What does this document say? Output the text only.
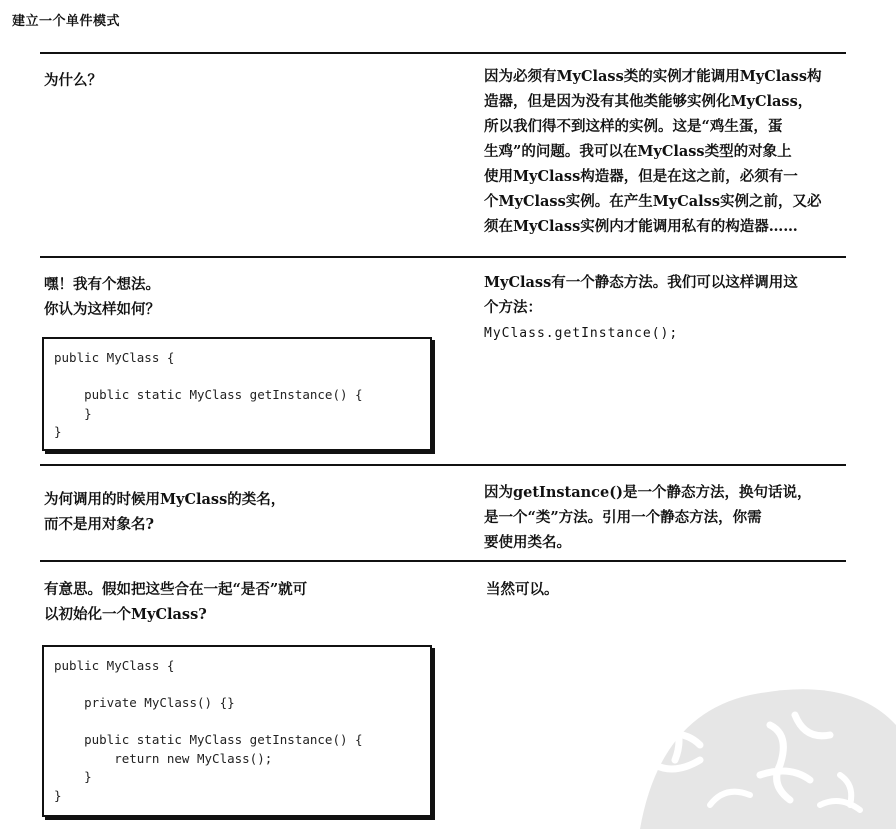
建立一个单件模式
为什么？	因为必须有MyClass类的实例才能调用MyClass构
造器，但是因为没有其他类能够实例化MyClass，
所以我们得不到这样的实例。这是“鸡生蛋，蛋
生鸡”的问题。我可以在MyClass类型的对象上
使用MyClass构造器，但是在这之前，必须有一
个MyClass实例。在产生MyCalss实例之前，又必
须在MyClass实例内才能调用私有的构造器……
嘿！我有个想法。
你认为这样如何？
public MyClass {

public static MyClass getInstance() {
}
}
MyClass有一个静态方法。我们可以这样调用这
个方法：
MyClass.getInstance();
为何调用的时候用MyClass的类名，
而不是用对象名?
因为getInstance()是一个静态方法，换句话说，
是一个“类”方法。引用一个静态方法，你需
要使用类名。
有意思。假如把这些合在一起“是否”就可
以初始化一个MyClass?
public MyClass {

private MyClass() {}

public static MyClass getInstance() {
return new MyClass();
}
}
当然可以。
